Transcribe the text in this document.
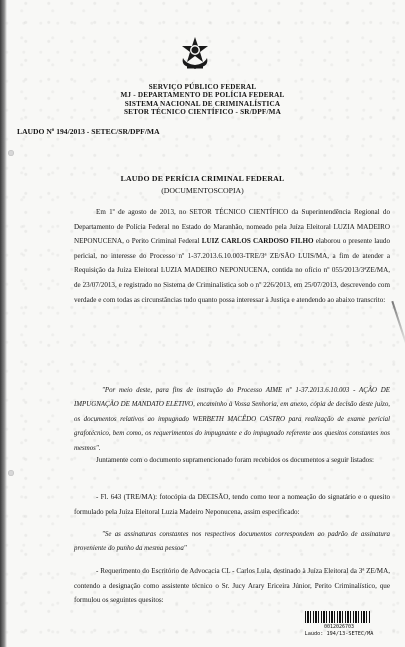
SERVIÇO PÚBLICO FEDERAL
MJ - DEPARTAMENTO DE POLÍCIA FEDERAL
SISTEMA NACIONAL DE CRIMINALÍSTICA
SETOR TÉCNICO CIENTÍFICO - SR/DPF/MA
LAUDO Nº 194/2013 - SETEC/SR/DPF/MA
LAUDO DE PERÍCIA CRIMINAL FEDERAL
(DOCUMENTOSCOPIA)
Em 1º de agosto de 2013, no SETOR TÉCNICO CIENTÍFICO da Superintendência Regional do Departamento de Polícia Federal no Estado do Maranhão, nomeado pela Juíza Eleitoral LUZIA MADEIRO NEPONUCENA, o Perito Criminal Federal LUIZ CARLOS CARDOSO FILHO elaborou o presente laudo pericial, no interesse do Processo nº 1-37.2013.6.10.003-TRE/3ª ZE/SÃO LUIS/MA, a fim de atender a Requisição da Juíza Eleitoral LUZIA MADEIRO NEPONUCENA, contida no ofício nº 055/2013/3ªZE/MA, de 23/07/2013, e registrado no Sistema de Criminalística sob o nº 226/2013, em 25/07/2013, descrevendo com verdade e com todas as circunstâncias tudo quanto possa interessar à Justiça e atendendo ao abaixo transcrito:
"Por meio deste, para fins de instrução do Processo AIME nº 1-37.2013.6.10.003 - AÇÃO DE IMPUGNAÇÃO DE MANDATO ELETIVO, encaminho à Vossa Senhoria, em anexo, cópia de decisão deste juízo, os documentos relativos ao impugnado WERBETH MACÊDO CASTRO para realização de exame pericial grafotécnico, bem como, os requerimentos do impugnante e do impugnado referente aos quesitos constantes nos mesmos".
Juntamente com o documento supramencionado foram recebidos os documentos a seguir listados:
- Fl. 643 (TRE/MA): fotocópia da DECISÃO, tendo como teor a nomeação do signatário e o quesito formulado pela Juíza Eleitoral Luzia Madeiro Neponucena, assim especificado:
"Se as assinaturas constantes nos respectivos documentos correspondem ao padrão de assinatura proveniente do punho da mesma pessoa"
- Requerimento do Escritório de Advocacia CL - Carlos Lula, destinado à Juíza Eleitoral da 3ª ZE/MA, contendo a designação como assistente técnico o Sr. Jucy Arary Ericeira Júnior, Perito Criminalístico, que formulou os seguintes quesitos:
0012026703
Laudo: 194/13-SETEC/MA
